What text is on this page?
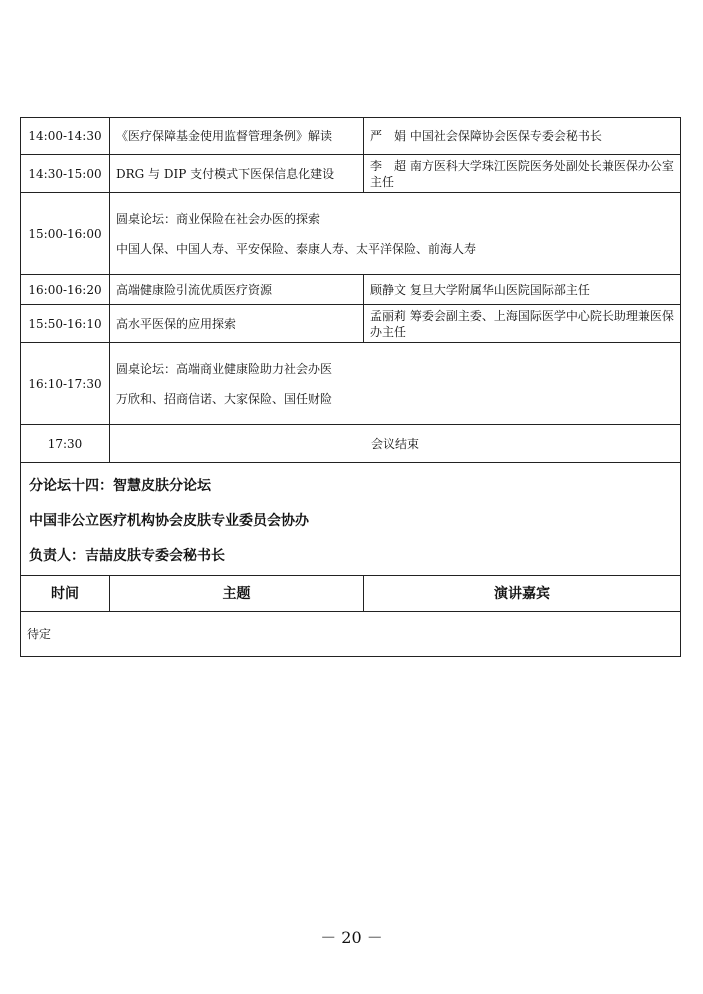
14:00-14:30	《医疗保障基金使用监督管理条例》解读	严　娟 中国社会保障协会医保专委会秘书长
14:30-15:00	DRG 与 DIP 支付模式下医保信息化建设	李　超 南方医科大学珠江医院医务处副处长兼医保办公室主任
15:00-16:00	圆桌论坛：商业保险在社会办医的探索
中国人保、中国人寿、平安保险、泰康人寿、太平洋保险、前海人寿	

16:00-16:20	高端健康险引流优质医疗资源	顾静文 复旦大学附属华山医院国际部主任
15:50-16:10	高水平医保的应用探索	孟丽莉 筹委会副主委、上海国际医学中心院长助理兼医保办主任
16:10-17:30	圆桌论坛：高端商业健康险助力社会办医
万欣和、招商信诺、大家保险、国任财险	

17:30	会议结束	

分论坛十四：智慧皮肤分论坛
中国非公立医疗机构协会皮肤专业委员会协办
负责人：吉喆皮肤专委会秘书长		

时间	主题	演讲嘉宾
待定		
－ 20 －
